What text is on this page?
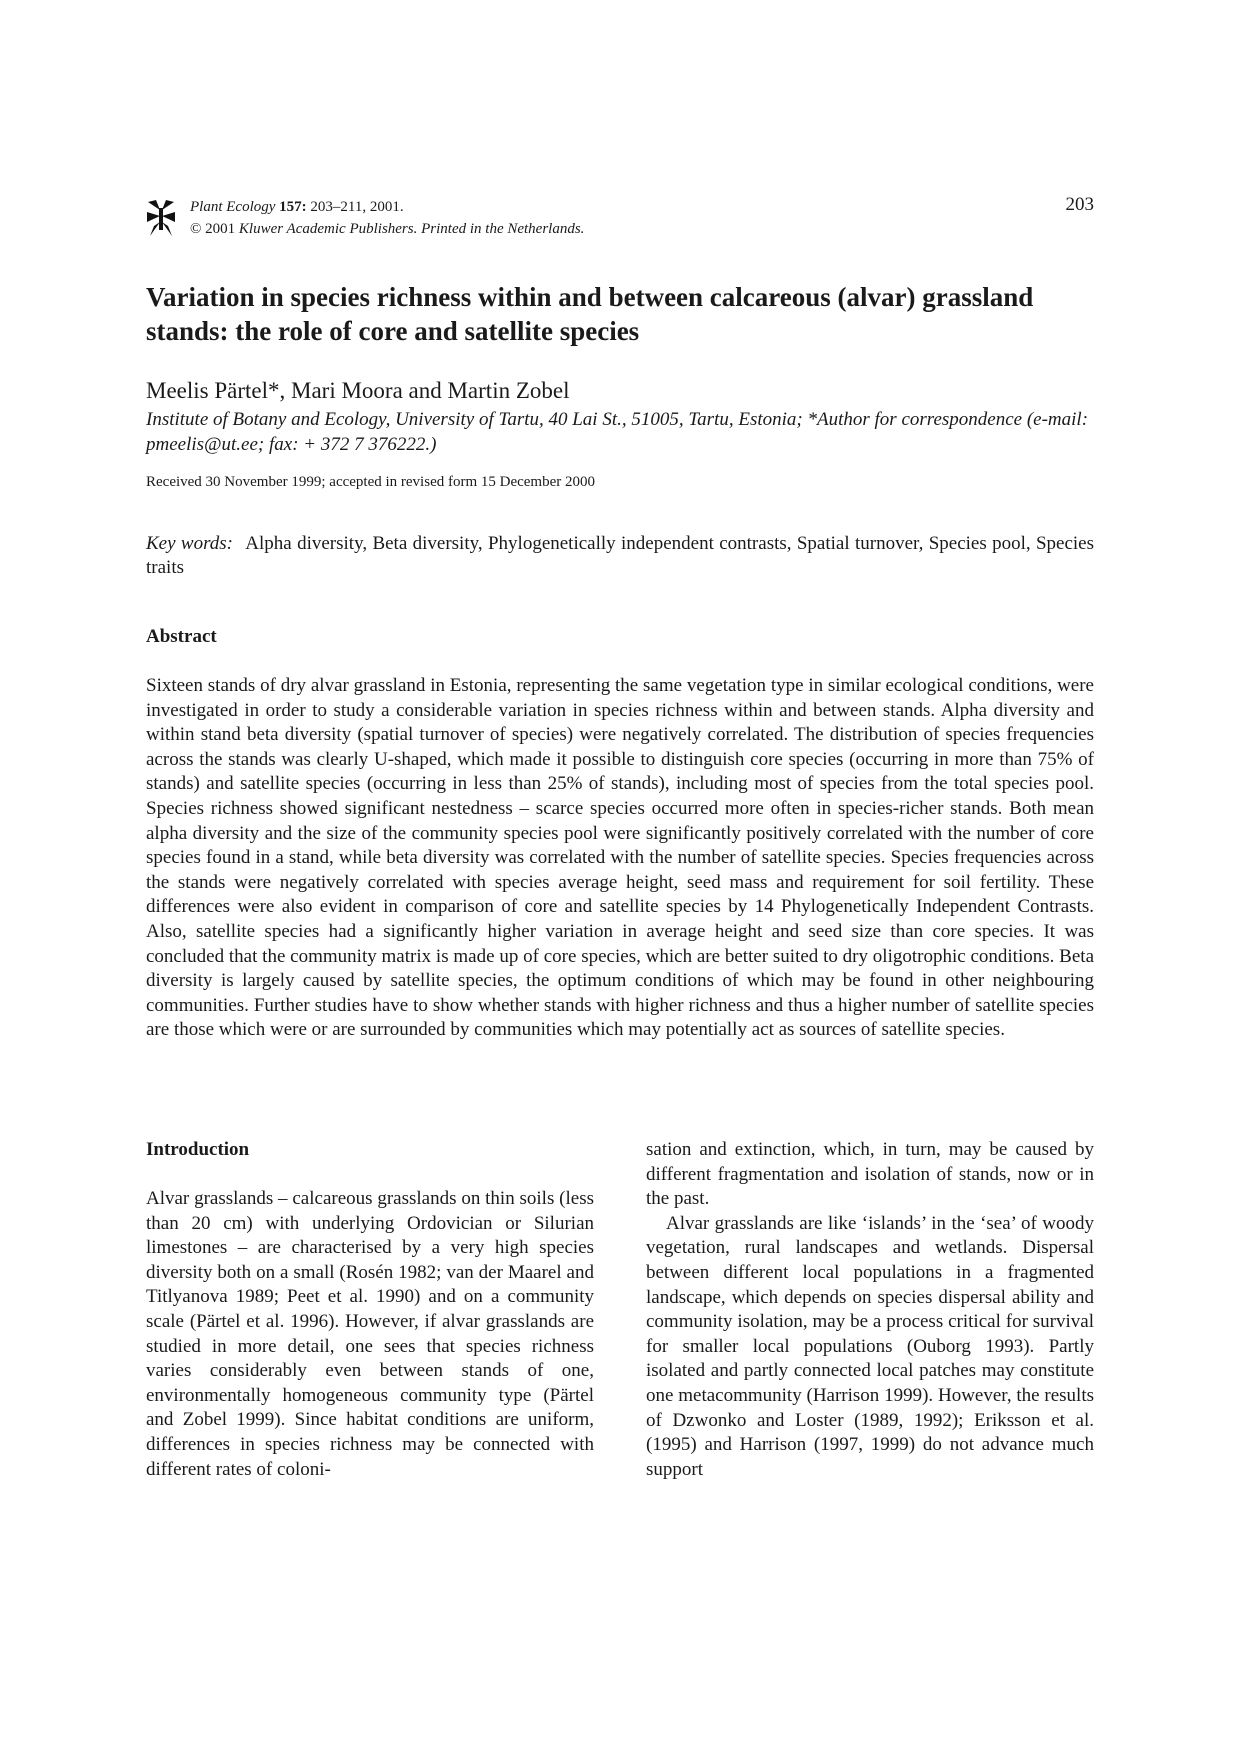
Plant Ecology 157: 203–211, 2001.
© 2001 Kluwer Academic Publishers. Printed in the Netherlands.
203
Variation in species richness within and between calcareous (alvar) grassland stands: the role of core and satellite species
Meelis Pärtel*, Mari Moora and Martin Zobel
Institute of Botany and Ecology, University of Tartu, 40 Lai St., 51005, Tartu, Estonia; *Author for correspondence (e-mail: pmeelis@ut.ee; fax: + 372 7 376222.)
Received 30 November 1999; accepted in revised form 15 December 2000
Key words: Alpha diversity, Beta diversity, Phylogenetically independent contrasts, Spatial turnover, Species pool, Species traits
Abstract

Sixteen stands of dry alvar grassland in Estonia, representing the same vegetation type in similar ecological conditions, were investigated in order to study a considerable variation in species richness within and between stands. Alpha diversity and within stand beta diversity (spatial turnover of species) were negatively correlated. The distribution of species frequencies across the stands was clearly U-shaped, which made it possible to distinguish core species (occurring in more than 75% of stands) and satellite species (occurring in less than 25% of stands), including most of species from the total species pool. Species richness showed significant nestedness – scarce species occurred more often in species-richer stands. Both mean alpha diversity and the size of the community species pool were significantly positively correlated with the number of core species found in a stand, while beta diversity was correlated with the number of satellite species. Species frequencies across the stands were negatively correlated with species average height, seed mass and requirement for soil fertility. These differences were also evident in comparison of core and satellite species by 14 Phylogenetically Independent Contrasts. Also, satellite species had a significantly higher variation in average height and seed size than core species. It was concluded that the community matrix is made up of core species, which are better suited to dry oligotrophic conditions. Beta diversity is largely caused by satellite species, the optimum conditions of which may be found in other neighbouring communities. Further studies have to show whether stands with higher richness and thus a higher number of satellite species are those which were or are surrounded by communities which may potentially act as sources of satellite species.

Introduction

Alvar grasslands – calcareous grasslands on thin soils (less than 20 cm) with underlying Ordovician or Silurian limestones – are characterised by a very high species diversity both on a small (Rosén 1982; van der Maarel and Titlyanova 1989; Peet et al. 1990) and on a community scale (Pärtel et al. 1996). However, if alvar grasslands are studied in more detail, one sees that species richness varies considerably even between stands of one, environmentally homogeneous community type (Pärtel and Zobel 1999). Since habitat conditions are uniform, differences in species richness may be connected with different rates of coloni-

sation and extinction, which, in turn, may be caused by different fragmentation and isolation of stands, now or in the past.

Alvar grasslands are like ‘islands’ in the ‘sea’ of woody vegetation, rural landscapes and wetlands. Dispersal between different local populations in a fragmented landscape, which depends on species dispersal ability and community isolation, may be a process critical for survival for smaller local populations (Ouborg 1993). Partly isolated and partly connected local patches may constitute one metacommunity (Harrison 1999). However, the results of Dzwonko and Loster (1989, 1992); Eriksson et al. (1995) and Harrison (1997, 1999) do not advance much support
